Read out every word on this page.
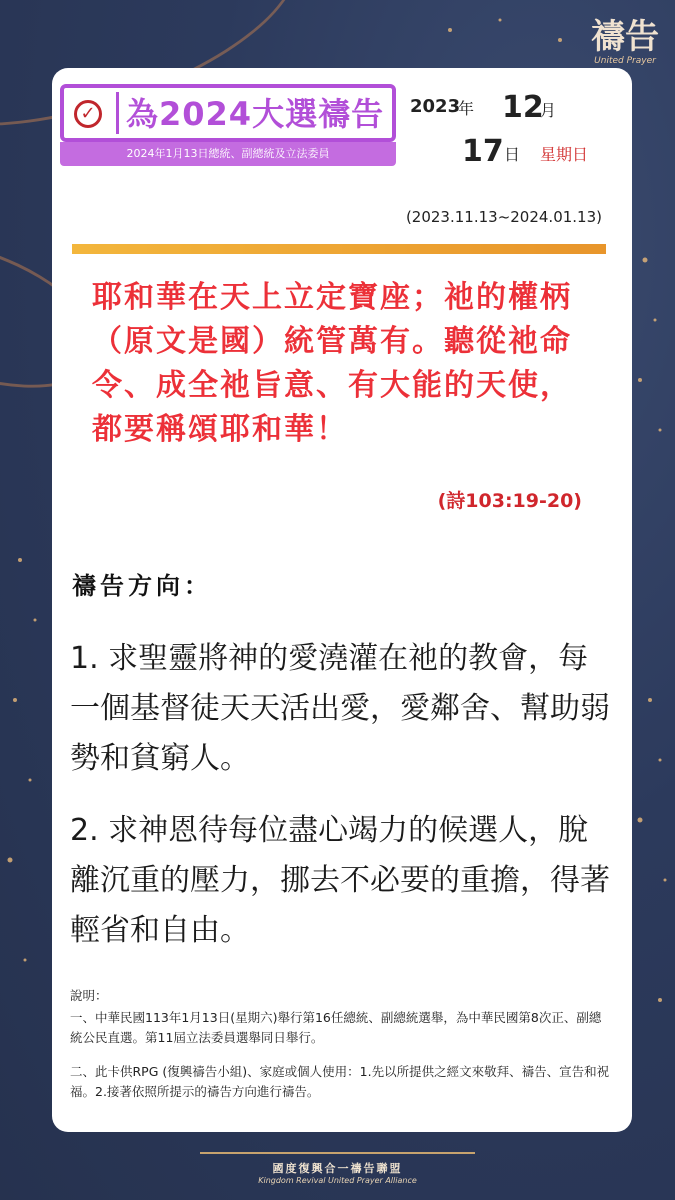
禱告
United Prayer
✓ 為2024大選禱告
2024年1月13日總統、副總統及立法委員
2023
年 12
月
17 日 星期日
(2023.11.13~2024.01.13)
耶和華在天上立定寶座；祂的權柄（原文是國）統管萬有。聽從祂命令、成全祂旨意、有大能的天使，都要稱頌耶和華！
(詩103:19-20)
禱告方向：
1. 求聖靈將神的愛澆灌在祂的教會，每一個基督徒天天活出愛，愛鄰舍、幫助弱勢和貧窮人。
2. 求神恩待每位盡心竭力的候選人，脫離沉重的壓力，挪去不必要的重擔，得著輕省和自由。

說明：

一、中華民國113年1月13日(星期六)舉行第16任總統、副總統選舉，為中華民國第8次正、副總統公民直選。第11屆立法委員選舉同日舉行。

二、此卡供RPG (復興禱告小組)、家庭或個人使用：1.先以所提供之經文來敬拜、禱告、宣告和祝福。2.接著依照所提示的禱告方向進行禱告。

國度復興合一禱告聯盟
Kingdom Revival United Prayer Alliance
